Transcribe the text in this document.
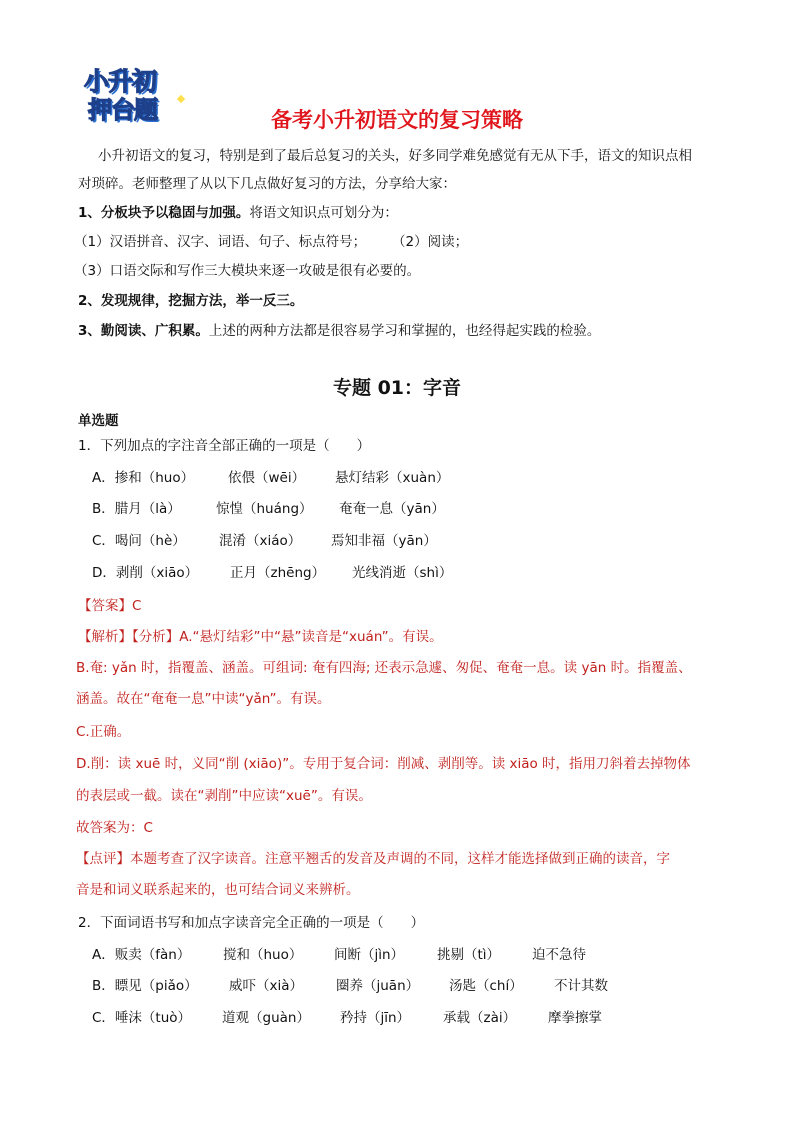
小升初
押台题	备考小升初语文的复习策略
小升初语文的复习，特别是到了最后总复习的关头，好多同学难免感觉有无从下手，语文的知识点相
对琐碎。老师整理了从以下几点做好复习的方法，分享给大家：
1、分板块予以稳固与加强。将语文知识点可划分为：
（1）汉语拼音、汉字、词语、句子、标点符号； （2）阅读；
（3）口语交际和写作三大模块来逐一攻破是很有必要的。
2、发现规律，挖掘方法，举一反三。
3、勤阅读、广积累。上述的两种方法都是很容易学习和掌握的，也经得起实践的检验。
专题 01：字音
单选题
1．下列加点的字注音全部正确的一项是（　　）
A．掺和（huo）	依偎（wēi） 悬灯结彩（xuàn）
B．腊月（là）	惊惶（huáng） 奄奄一息（yān）
C．喝问（hè） 混淆（xiáo） 焉知非福（yān）
D．剥削（xiāo） 正月（zhēng） 光线消逝（shì）
【答案】C
【解析】【分析】A.“悬灯结彩”中“悬”读音是“xuán”。有误。
B.奄: yǎn 时，指覆盖、涵盖。可组词: 奄有四海; 还表示急遽、匆促、奄奄一息。读 yān 时。指覆盖、
涵盖。故在“奄奄一息”中读“yǎn”。有误。
C.正确。
D.削：读 xuē 时，义同“削 (xiāo)”。专用于复合词：削减、剥削等。读 xiāo 时，指用刀斜着去掉物体
的表层或一截。读在“剥削”中应读“xuē”。有误。
故答案为：C
【点评】本题考查了汉字读音。注意平翘舌的发音及声调的不同，这样才能选择做到正确的读音，字
音是和词义联系起来的，也可结合词义来辨析。
2．下面词语书写和加点字读音完全正确的一项是（　　）
A．贩卖（fàn） 搅和（huo） 间断（jìn） 挑剔（tì） 迫不急待
B．瞟见（piǎo） 威吓（xià） 圈养（juān） 汤匙（chí） 不计其数
C．唾沫（tuò） 道观（guàn） 矜持（jīn） 承载（zài） 摩拳擦掌
